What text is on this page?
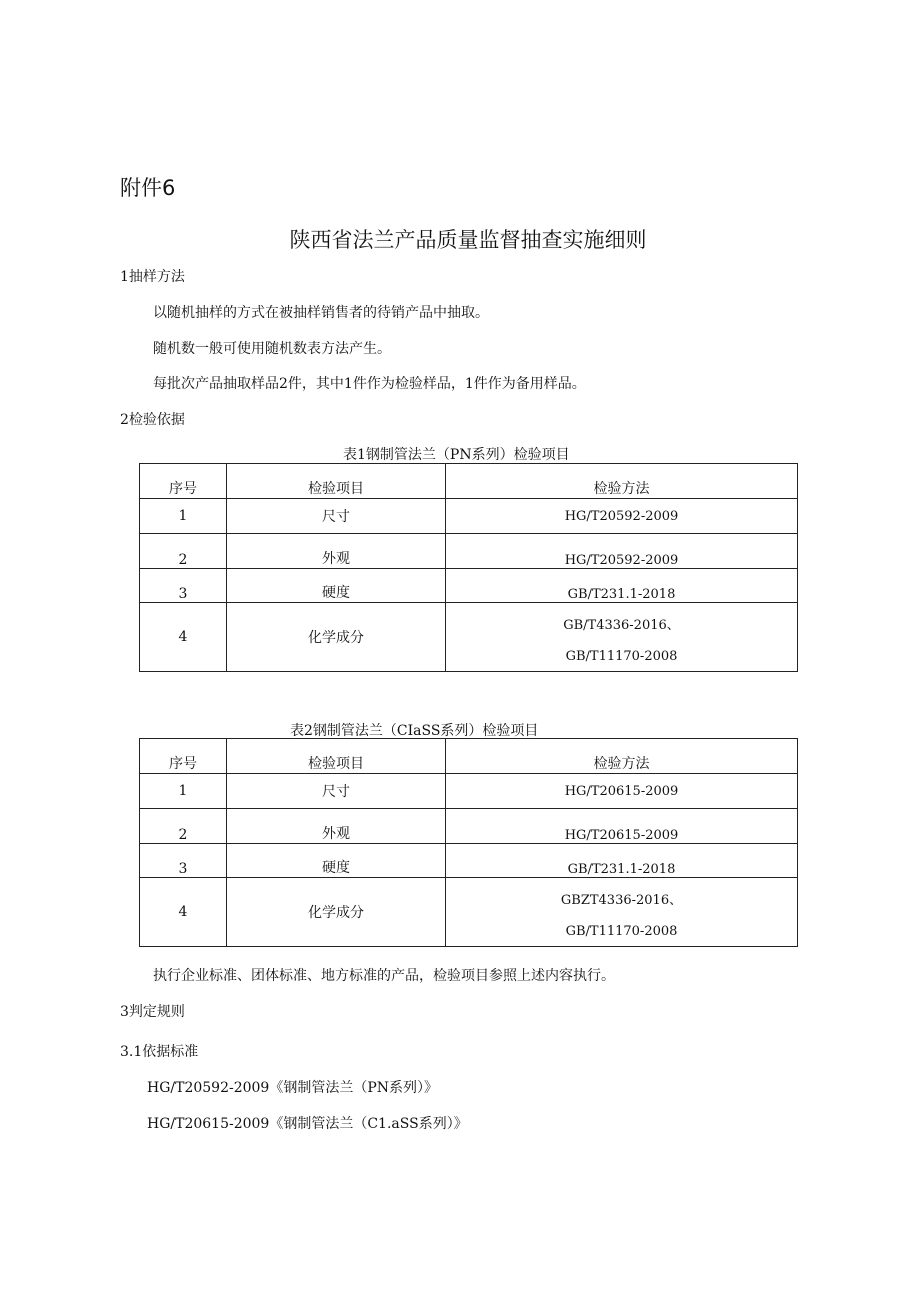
附件6
陕西省法兰产品质量监督抽查实施细则
1抽样方法
以随机抽样的方式在被抽样销售者的待销产品中抽取。
随机数一般可使用随机数表方法产生。
每批次产品抽取样品2件，其中1件作为检验样品，1件作为备用样品。
2检验依据
表1钢制管法兰（PN系列）检验项目
序号	检验项目	检验方法
1	尺寸	HG/T20592-2009
2	外观	HG/T20592-2009
3	硬度	GB/T231.1-2018
4	化学成分	GB/T4336-2016、
GB/T11170-2008
表2钢制管法兰（CIaSS系列）检验项目
序号	检验项目	检验方法
1	尺寸	HG/T20615-2009
2	外观	HG/T20615-2009
3	硬度	GB/T231.1-2018
4	化学成分	GBZT4336-2016、
GB/T11170-2008
执行企业标准、团体标准、地方标准的产品，检验项目参照上述内容执行。
3判定规则
3.1依据标准
HG/T20592-2009《钢制管法兰（PN系列）》
HG/T20615-2009《钢制管法兰（C1.aSS系列）》
